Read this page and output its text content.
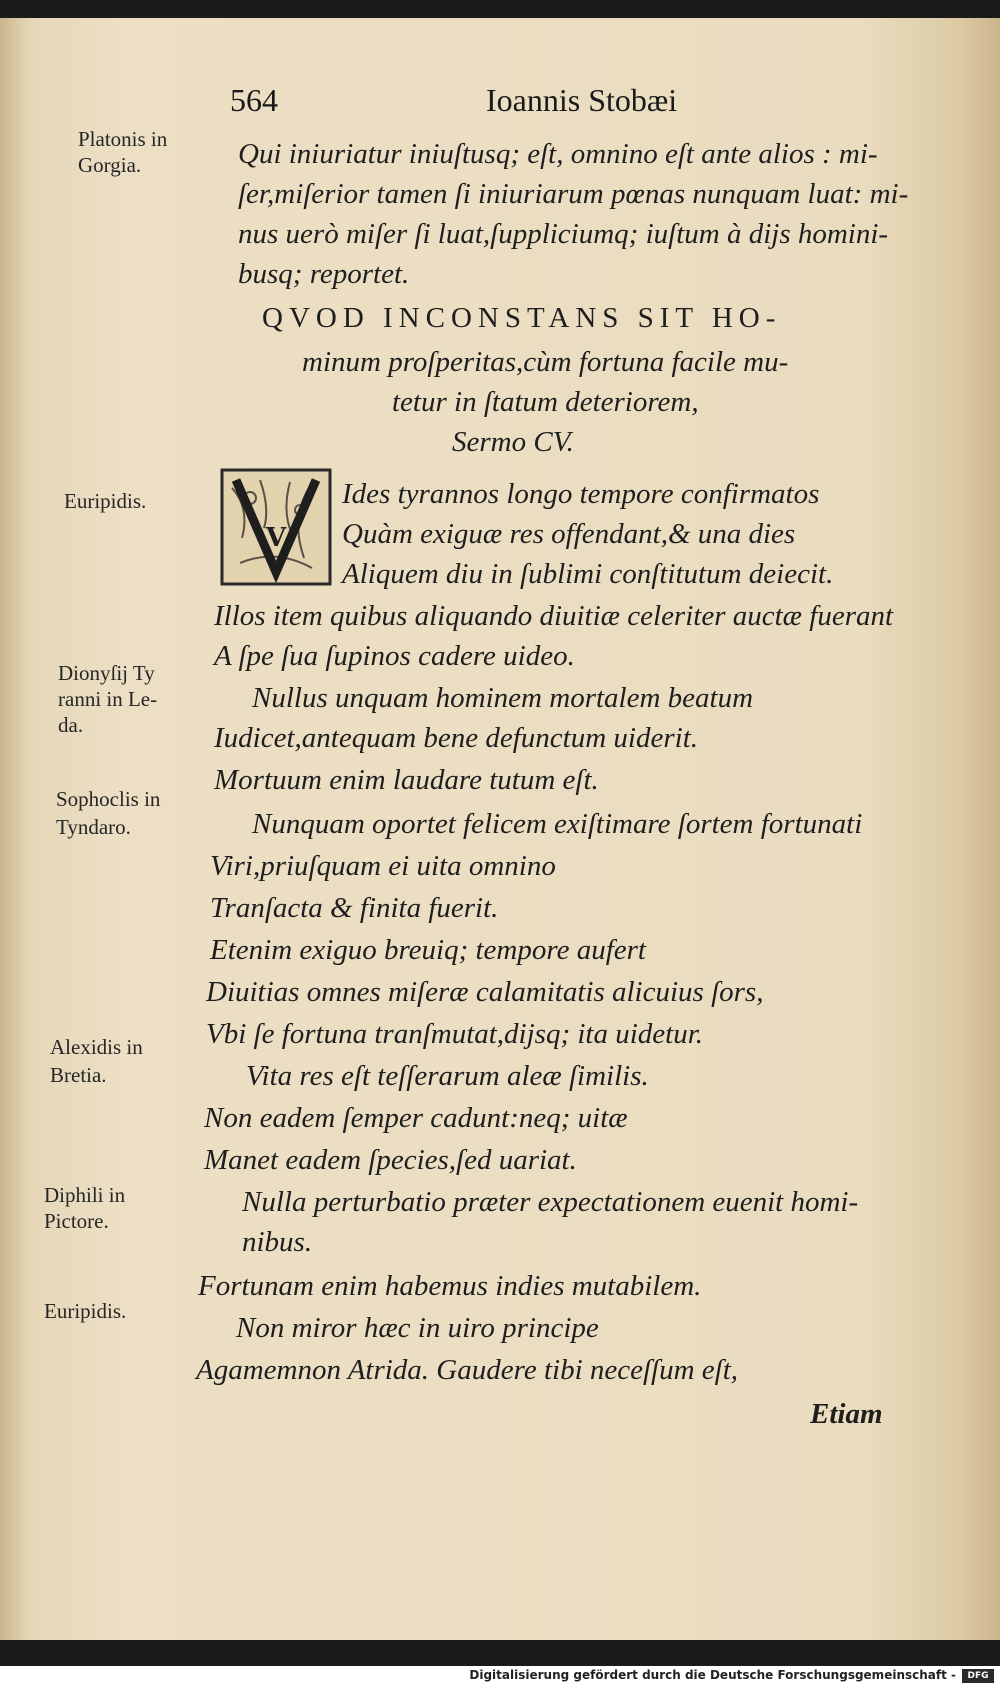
564	Ioannis Stobæi
Platonis in
Gorgia.
Euripidis.
Dionyſij Ty
ranni in Le-
da.
Sophoclis in
Tyndaro.
Alexidis in
Bretia.
Diphili in
Pictore.
Euripidis.
Qui iniuriatur iniuſtusq; eſt, omnino eſt ante alios : mi-
ſer,miſerior tamen ſi iniuriarum pœnas nunquam luat: mi-
nus uerò miſer ſi luat,ſuppliciumq; iuſtum à dijs homini-
busq; reportet.
QVOD INCONSTANS SIT HO-
minum proſperitas,cùm fortuna facile mu-
tetur in ſtatum deteriorem,
Sermo CV.
V
Ides tyrannos longo tempore confirmatos
Quàm exiguæ res offendant,& una dies
Aliquem diu in ſublimi conſtitutum deiecit.
Illos item quibus aliquando diuitiæ celeriter auctæ fuerant
A ſpe ſua ſupinos cadere uideo.
Nullus unquam hominem mortalem beatum
Iudicet,antequam bene defunctum uiderit.
Mortuum enim laudare tutum eſt.
Nunquam oportet felicem exiſtimare ſortem fortunati
Viri,priuſquam ei uita omnino
Tranſacta & finita fuerit.
Etenim exiguo breuiq; tempore aufert
Diuitias omnes miſeræ calamitatis alicuius ſors,
Vbi ſe fortuna tranſmutat,dijsq; ita uidetur.
Vita res eſt teſſerarum aleæ ſimilis.
Non eadem ſemper cadunt:neq; uitæ
Manet eadem ſpecies,ſed uariat.
Nulla perturbatio præter expectationem euenit homi-
nibus.
Fortunam enim habemus indies mutabilem.
Non miror hæc in uiro principe
Agamemnon Atrida. Gaudere tibi neceſſum eſt,
Etiam
Digitalisierung gefördert durch die Deutsche Forschungsgemeinschaft -	DFG
